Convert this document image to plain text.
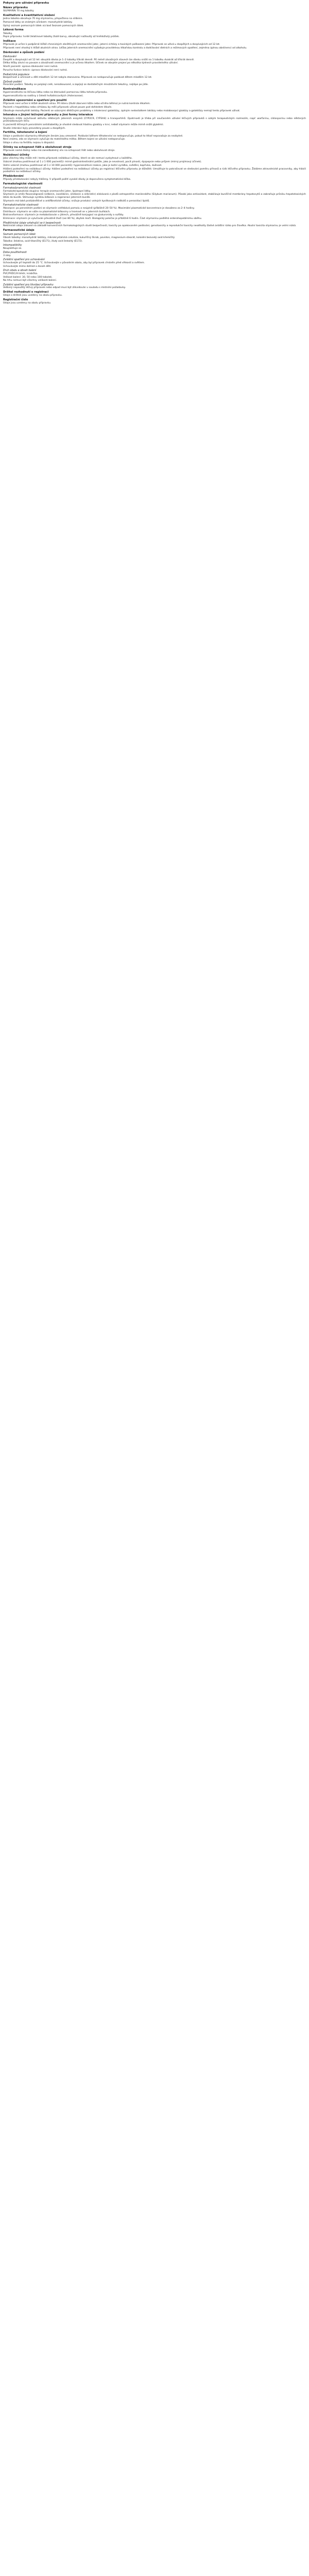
Pokyny pro užívání přípravku
Název přípravku
SILYMARIN 70 mg tobolky
Kvalitativní a kvantitativní složení
Jedna tobolka obsahuje 70 mg silymarinu, přepočteno na silibinin.
Pomocné látky se známým účinkem: monohydrát laktózy.
Úplný seznam pomocných látek viz bod Seznam pomocných látek.
Léková forma
Tobolky.
Popis přípravku: tvrdé želatinové tobolky žluté barvy, obsahující nažloutlý až hnědožlutý prášek.
Indikace
Přípravek je určen k podpůrné léčbě chronických zánětlivých onemocnění jater, jaterní cirhózy a toxických poškození jater. Přípravek se užívá u dospělých a dospívajících od 12 let.
Přípravek není vhodný k léčbě akutních otrav. Léčba jaterních onemocnění vyžaduje pravidelnou lékařskou kontrolu a dodržování dietních a režimových opatření, zejména úplnou abstinenci od alkoholu.
Dávkování a způsob podání
Dávkování
Dospělí a dospívající od 12 let: obvyklá dávka je 1–2 tobolky třikrát denně. Při méně závažných stavech lze dávku snížit na 1 tobolku dvakrát až třikrát denně.
Délka léčby závisí na povaze a závažnosti onemocnění a je určena lékařem. Účinek se obvykle projeví po několika týdnech pravidelného užívání.
Starší pacienti: úprava dávkování není nutná.
Porucha funkce ledvin: úprava dávkování není nutná.
Pediatrická populace
Bezpečnost a účinnost u dětí mladších 12 let nebyla stanovena. Přípravek se nedoporučuje podávat dětem mladším 12 let.
Způsob podání
Perorální podání. Tobolky se polykají celé, nerozkousané, a zapíjejí se dostatečným množstvím tekutiny, nejlépe po jídle.
Kontraindikace
Hypersenzitivita na léčivou látku nebo na kteroukoli pomocnou látku tohoto přípravku.
Hypersenzitivita na rostliny z čeledi hvězdnicovitých (Asteraceae).
Zvláštní upozornění a opatření pro použití
Přípravek není určen k léčbě akutních otrav. Při ikteru (žluté zbarvení kůže nebo očního bělma) je nutná kontrola lékařem.
Pacienti s hepatitidou nebo cirhózou by měli přípravek užívat pouze pod dohledem lékaře.
Obsahuje monohydrát laktózy. Pacienti se vzácnými dědičnými problémy s intolerancí galaktózy, úplným nedostatkem laktázy nebo malabsorpcí glukózy a galaktózy nemají tento přípravek užívat.
Interakce s jinými léčivými přípravky a jiné formy interakce
Silymarin může ovlivňovat aktivitu některých jaterních enzymů (CYP2C9, CYP3A4) a transportérů. Opatrnosti je třeba při současném užívání léčivých přípravků s úzkým terapeutickým rozmezím, např. warfarinu, ciklosporinu nebo některých protinádorových léčiv.
U pacientů léčených perorálními antidiabetiky je vhodné sledovat hladinu glukózy v krvi, neboť silymarin může mírně snížit glykémii.
Studie interakcí byly provedeny pouze u dospělých.
Fertilita, těhotenství a kojení
Údaje o podávání silymarinu těhotným ženám jsou omezené. Podávání během těhotenství se nedoporučuje, pokud to lékař nepovažuje za nezbytné.
Není známo, zda se silymarin vylučuje do mateřského mléka. Během kojení se užívání nedoporučuje.
Údaje o vlivu na fertilitu nejsou k dispozici.
Účinky na schopnost řídit a obsluhovat stroje
Přípravek nemá žádný nebo má zanedbatelný vliv na schopnost řídit nebo obsluhovat stroje.
Nežádoucí účinky
Jako všechny léky může mít i tento přípravek nežádoucí účinky, které se ale nemusí vyskytnout u každého.
Vzácné (mohou postihnout až 1 z 1 000 pacientů): mírné gastrointestinální potíže, jako je nevolnost, pocit plnosti, dyspepsie nebo průjem (mírný projímavý účinek).
Velmi vzácné (mohou postihnout až 1 z 10 000 pacientů): hypersenzitivní reakce, jako je kožní vyrážka, svědění, kopřivka, dušnost.
Hlášení podezření na nežádoucí účinky: hlášení podezření na nežádoucí účinky po registraci léčivého přípravku je důležité. Umožňuje to pokračovat ve sledování poměru přínosů a rizik léčivého přípravku. Žádáme zdravotnické pracovníky, aby hlásili podezření na nežádoucí účinky.
Předávkování
Případy předávkování nebyly hlášeny. V případě požití vysoké dávky je doporučena symptomatická léčba.
Farmakologické vlastnosti
Farmakodynamické vlastnosti
Farmakoterapeutická skupina: terapie onemocnění jater, lipotropní látky.
Silymarin je směs flavonolignanů (silibinin, isosilibinin, silidianin a silikristin) získávaná z plodů ostropestřce mariánského (Silybum marianum). Působí jako antioxidant, stabilizuje buněčné membrány hepatocytů a zabraňuje průniku hepatotoxických látek do buněk. Stimuluje syntézu bílkovin a regeneraci jaterních buněk.
Silymarin má také protizánětlivé a antifibrotické účinky; snižuje produkci volných kyslíkových radikálů a peroxidaci lipidů.
Farmakokinetické vlastnosti
Absorpce: po perorálním podání se silymarin vstřebává pomalu a neúplně (přibližně 20–50 %). Maximální plazmatické koncentrace je dosaženo za 2–4 hodiny.
Distribuce: silymarin se váže na plazmatické bílkoviny a hromadí se v jaterních buňkách.
Biotransformace: silymarin je metabolizován v játrech, převážně konjugací na glukuronidy a sulfáty.
Eliminace: silymarin je vylučován převážně žlučí (asi 80 %), zbytek močí. Biologický poločas je přibližně 6 hodin. Část silymarinu podléhá enterohepatálnímu oběhu.
Předklinické údaje vztahující se k bezpečnosti
Neklinické údaje získané na základě konvenčních farmakologických studií bezpečnosti, toxicity po opakovaném podávání, genotoxicity a reprodukční toxicity neodhalily žádné zvláštní riziko pro člověka. Akutní toxicita silymarinu je velmi nízká.
Farmaceutické údaje
Seznam pomocných látek
Obsah tobolky: monohydrát laktózy, mikrokrystalická celulóza, kukuřičný škrob, povidon, magnesium-stearát, koloidní bezvodý oxid křemičitý.
Tobolka: želatina, oxid titaničitý (E171), žlutý oxid železitý (E172).
Inkompatibility
Neuplatňuje se.
Doba použitelnosti
3 roky.
Zvláštní opatření pro uchovávání
Uchovávejte při teplotě do 25 °C. Uchovávejte v původním obalu, aby byl přípravek chráněn před vlhkostí a světlem.
Uchovávejte mimo dohled a dosah dětí.
Druh obalu a obsah balení
PVC/PVDC/Al blistr, krabička.
Velikost balení: 30, 50 nebo 100 tobolek.
Na trhu nemusí být všechny velikosti balení.
Zvláštní opatření pro likvidaci přípravku
Veškerý nepoužitý léčivý přípravek nebo odpad musí být zlikvidován v souladu s místními požadavky.
Držitel rozhodnutí o registraci
Údaje o držiteli jsou uvedeny na obalu přípravku.
Registrační číslo
Údaje jsou uvedeny na obalu přípravku.
